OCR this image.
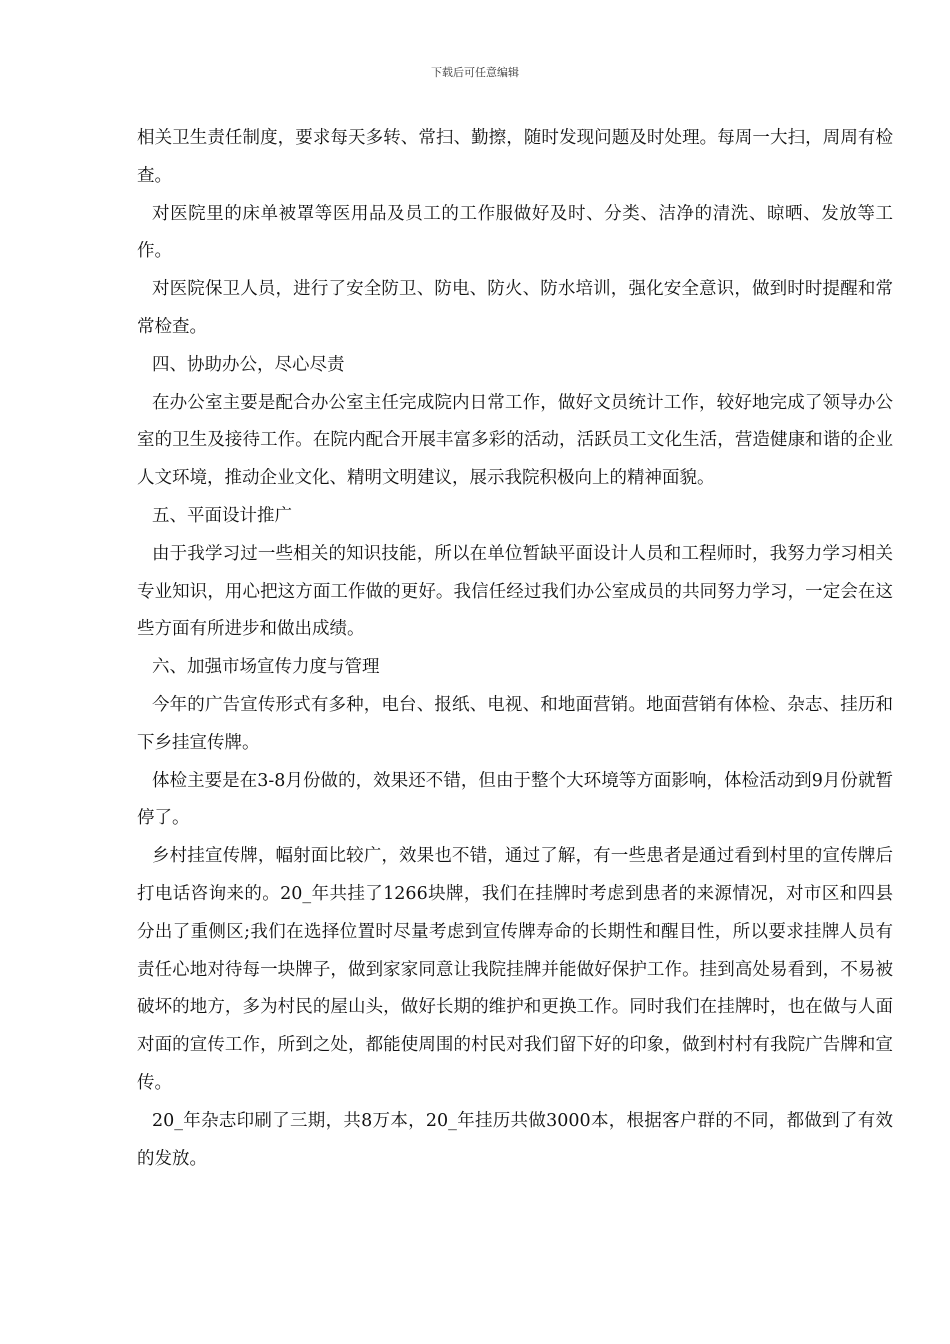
下载后可任意编辑

相关卫生责任制度，要求每天多转、常扫、勤擦，随时发现问题及时处理。每周一大扫，周周有检查。

对医院里的床单被罩等医用品及员工的工作服做好及时、分类、洁净的清洗、晾晒、发放等工作。

对医院保卫人员，进行了安全防卫、防电、防火、防水培训，强化安全意识，做到时时提醒和常常检查。

四、协助办公，尽心尽责

在办公室主要是配合办公室主任完成院内日常工作，做好文员统计工作，较好地完成了领导办公室的卫生及接待工作。在院内配合开展丰富多彩的活动，活跃员工文化生活，营造健康和谐的企业人文环境，推动企业文化、精明文明建议，展示我院积极向上的精神面貌。

五、平面设计推广

由于我学习过一些相关的知识技能，所以在单位暂缺平面设计人员和工程师时，我努力学习相关专业知识，用心把这方面工作做的更好。我信任经过我们办公室成员的共同努力学习，一定会在这些方面有所进步和做出成绩。

六、加强市场宣传力度与管理

今年的广告宣传形式有多种，电台、报纸、电视、和地面营销。地面营销有体检、杂志、挂历和下乡挂宣传牌。

体检主要是在3-8月份做的，效果还不错，但由于整个大环境等方面影响，体检活动到9月份就暂停了。

乡村挂宣传牌，幅射面比较广，效果也不错，通过了解，有一些患者是通过看到村里的宣传牌后打电话咨询来的。20_年共挂了1266块牌，我们在挂牌时考虑到患者的来源情况，对市区和四县分出了重侧区;我们在选择位置时尽量考虑到宣传牌寿命的长期性和醒目性，所以要求挂牌人员有责任心地对待每一块牌子，做到家家同意让我院挂牌并能做好保护工作。挂到高处易看到，不易被破坏的地方，多为村民的屋山头，做好长期的维护和更换工作。同时我们在挂牌时，也在做与人面对面的宣传工作，所到之处，都能使周围的村民对我们留下好的印象，做到村村有我院广告牌和宣传。

20_年杂志印刷了三期，共8万本，20_年挂历共做3000本，根据客户群的不同，都做到了有效的发放。
